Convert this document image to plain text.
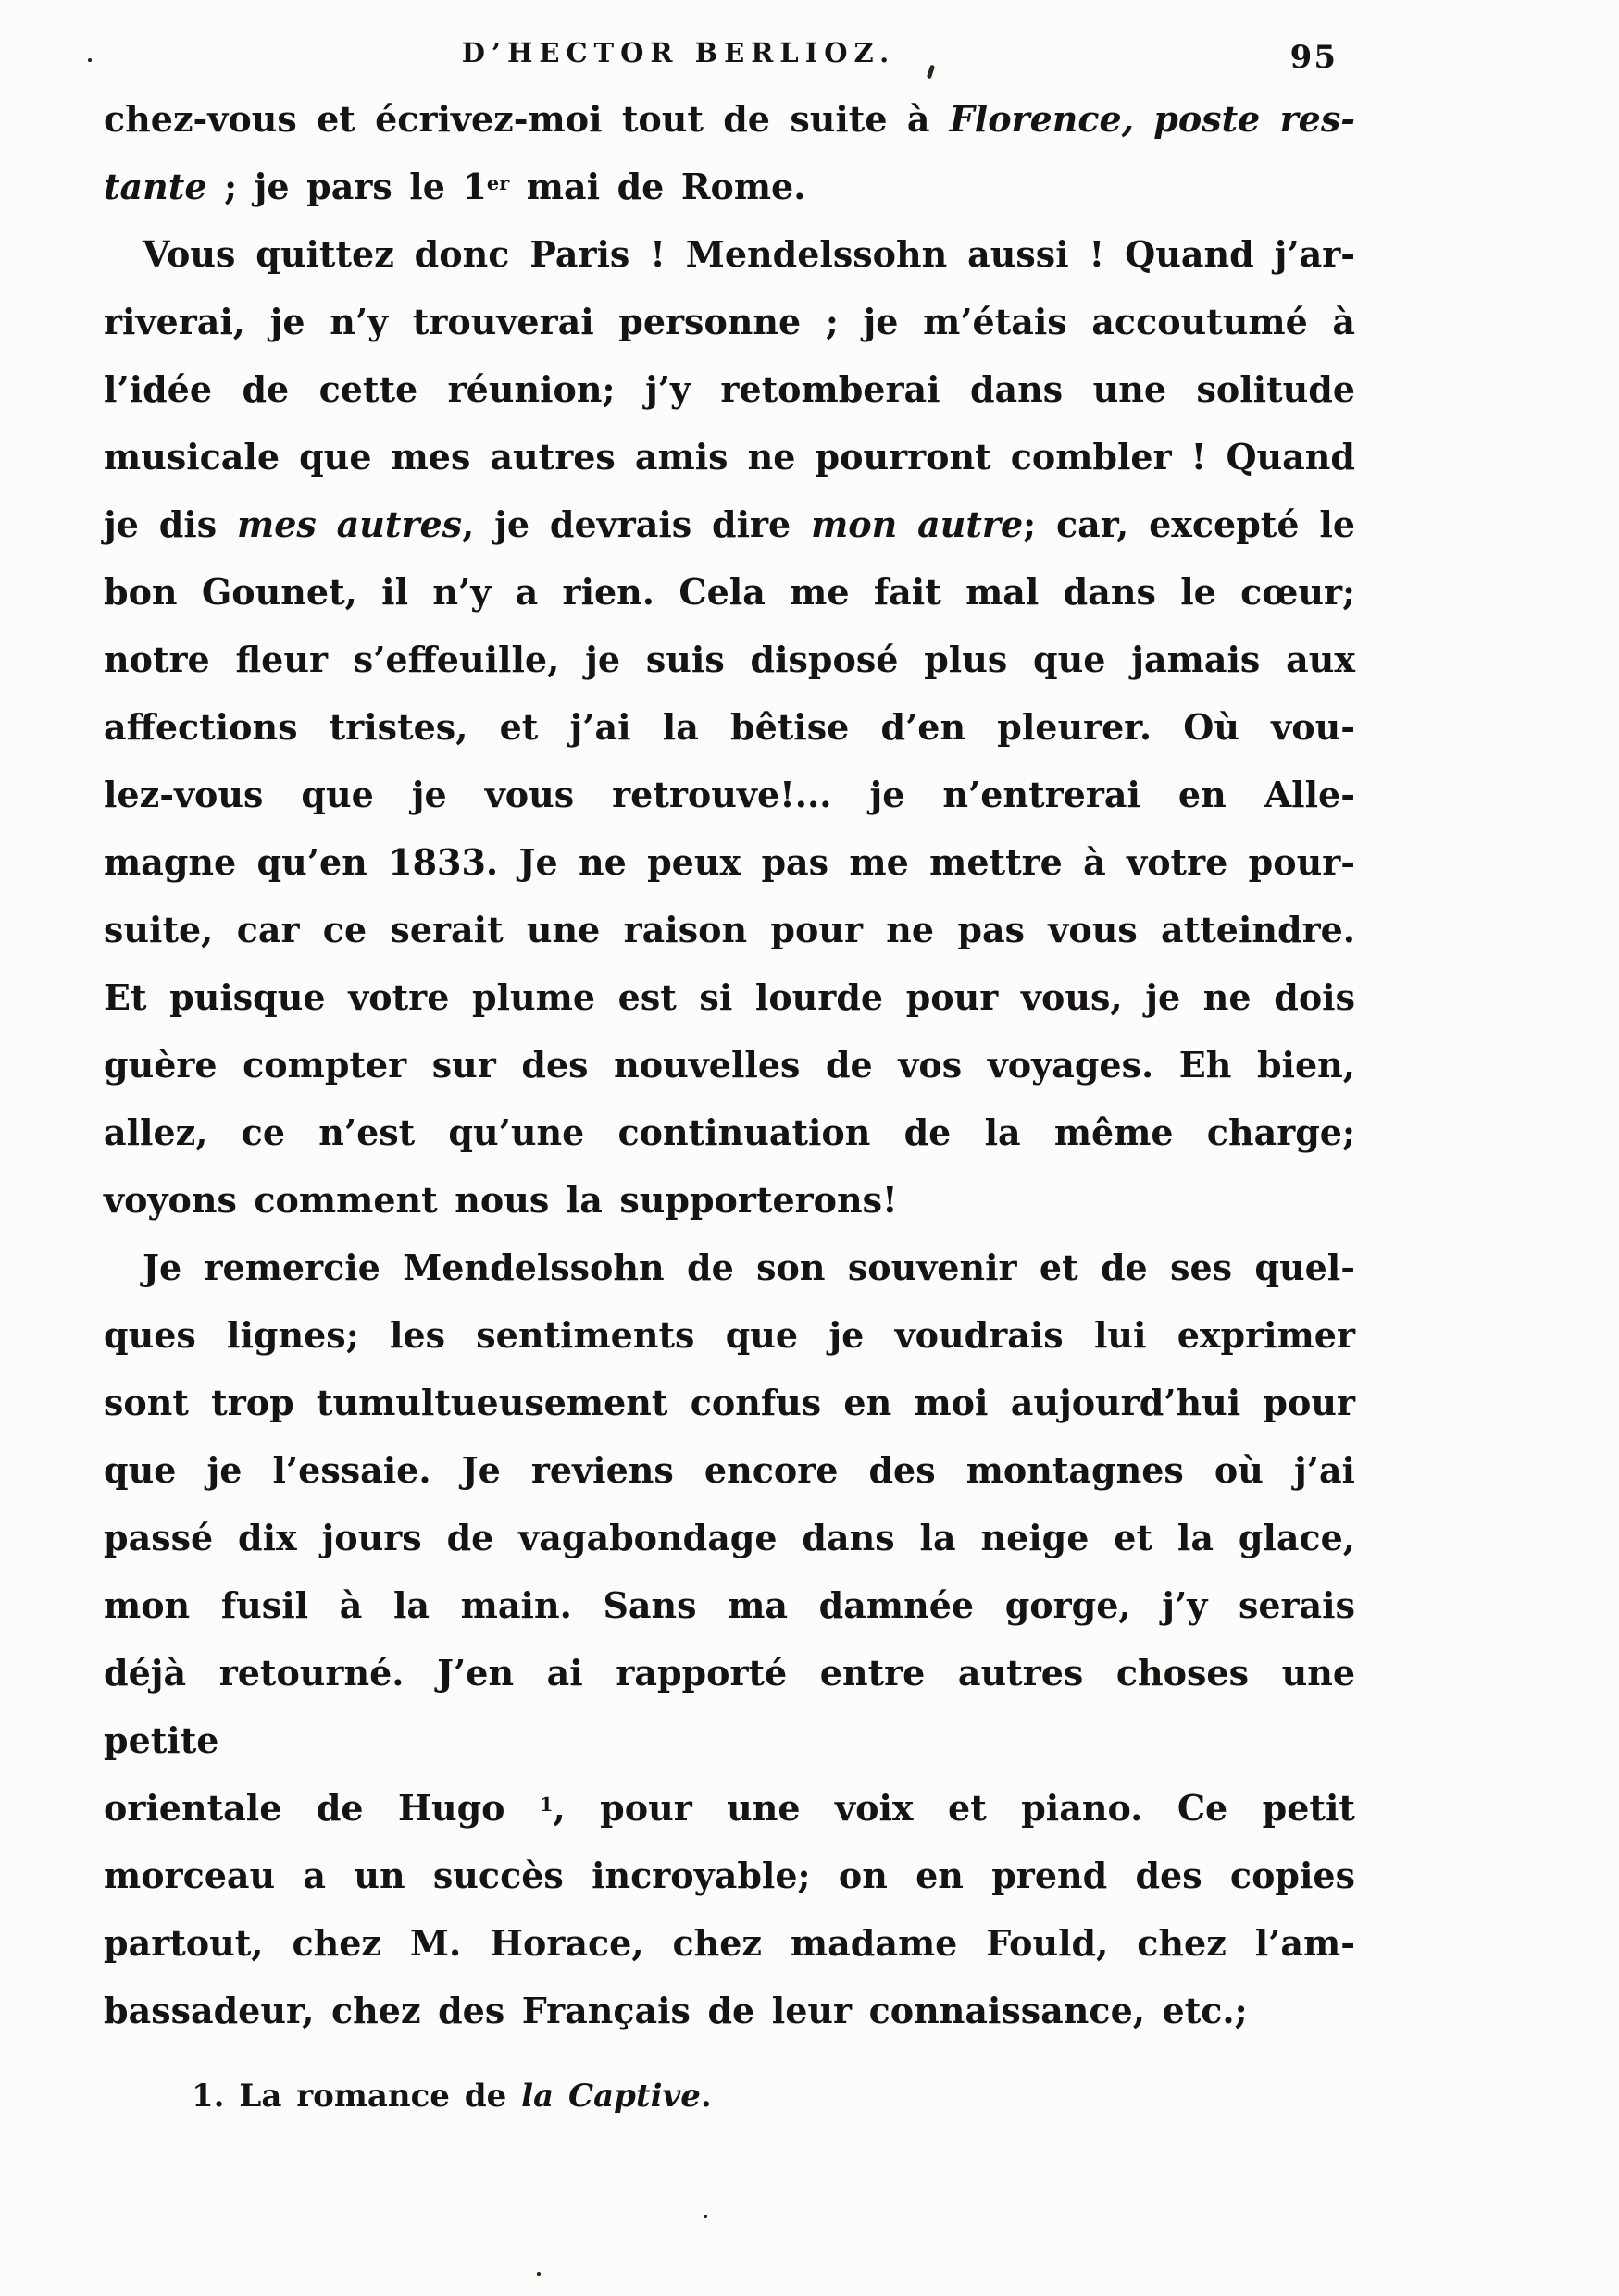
D’HECTOR BERLIOZ.	95
chez-vous et écrivez-moi tout de suite à Florence, poste res-
tante ; je pars le 1er mai de Rome.
Vous quittez donc Paris ! Mendelssohn aussi ! Quand j’ar-
riverai, je n’y trouverai personne ; je m’étais accoutumé à
l’idée de cette réunion; j’y retomberai dans une solitude
musicale que mes autres amis ne pourront combler ! Quand
je dis mes autres, je devrais dire mon autre; car, excepté le
bon Gounet, il n’y a rien. Cela me fait mal dans le cœur;
notre fleur s’effeuille, je suis disposé plus que jamais aux
affections tristes, et j’ai la bêtise d’en pleurer. Où vou-
lez-vous que je vous retrouve!... je n’entrerai en Alle-
magne qu’en 1833. Je ne peux pas me mettre à votre pour-
suite, car ce serait une raison pour ne pas vous atteindre.
Et puisque votre plume est si lourde pour vous, je ne dois
guère compter sur des nouvelles de vos voyages. Eh bien,
allez, ce n’est qu’une continuation de la même charge;
voyons comment nous la supporterons!
Je remercie Mendelssohn de son souvenir et de ses quel-
ques lignes; les sentiments que je voudrais lui exprimer
sont trop tumultueusement confus en moi aujourd’hui pour
que je l’essaie. Je reviens encore des montagnes où j’ai
passé dix jours de vagabondage dans la neige et la glace,
mon fusil à la main. Sans ma damnée gorge, j’y serais
déjà retourné. J’en ai rapporté entre autres choses une petite
orientale de Hugo $^1$, pour une voix et piano. Ce petit
morceau a un succès incroyable; on en prend des copies
partout, chez M. Horace, chez madame Fould, chez l’am-
bassadeur, chez des Français de leur connaissance, etc.;
1. La romance de la Captive.
